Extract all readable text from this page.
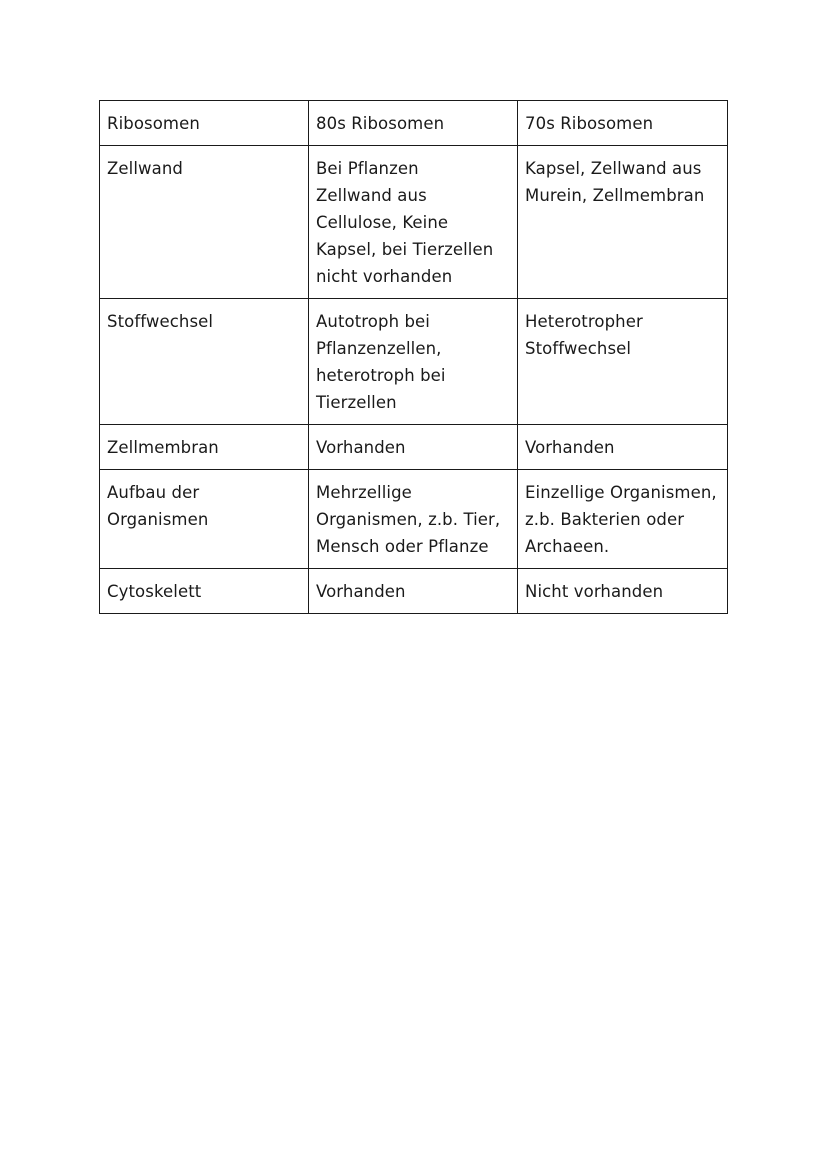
Ribosomen	80s Ribosomen	70s Ribosomen

Zellwand	Bei Pflanzen
Zellwand aus
Cellulose, Keine
Kapsel, bei Tierzellen
nicht vorhanden	Kapsel, Zellwand aus
Murein, Zellmembran

Stoffwechsel	Autotroph bei
Pflanzenzellen,
heterotroph bei
Tierzellen	Heterotropher
Stoffwechsel

Zellmembran	Vorhanden	Vorhanden

Aufbau der
Organismen	Mehrzellige
Organismen, z.b. Tier,
Mensch oder Pflanze	Einzellige Organismen,
z.b. Bakterien oder
Archaeen.

Cytoskelett	Vorhanden	Nicht vorhanden
